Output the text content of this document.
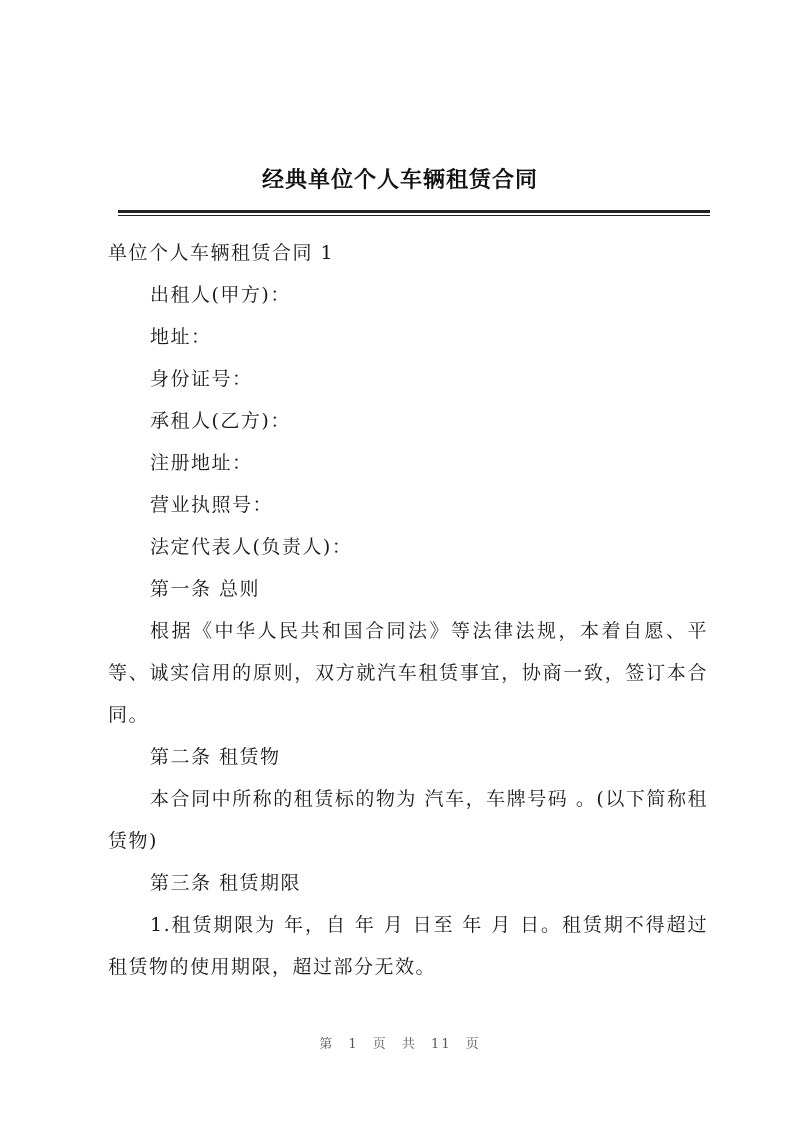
经典单位个人车辆租赁合同

单位个人车辆租赁合同 1

出租人(甲方)：

地址：

身份证号：

承租人(乙方)：

注册地址：

营业执照号：

法定代表人(负责人)：

第一条 总则

根据《中华人民共和国合同法》等法律法规，本着自愿、平等、诚实信用的原则，双方就汽车租赁事宜，协商一致，签订本合同。

第二条 租赁物

本合同中所称的租赁标的物为 汽车，车牌号码 。(以下简称租赁物)

第三条 租赁期限

1.租赁期限为 年，自 年 月 日至 年 月 日。租赁期不得超过租赁物的使用期限，超过部分无效。

第 1 页 共 11 页
